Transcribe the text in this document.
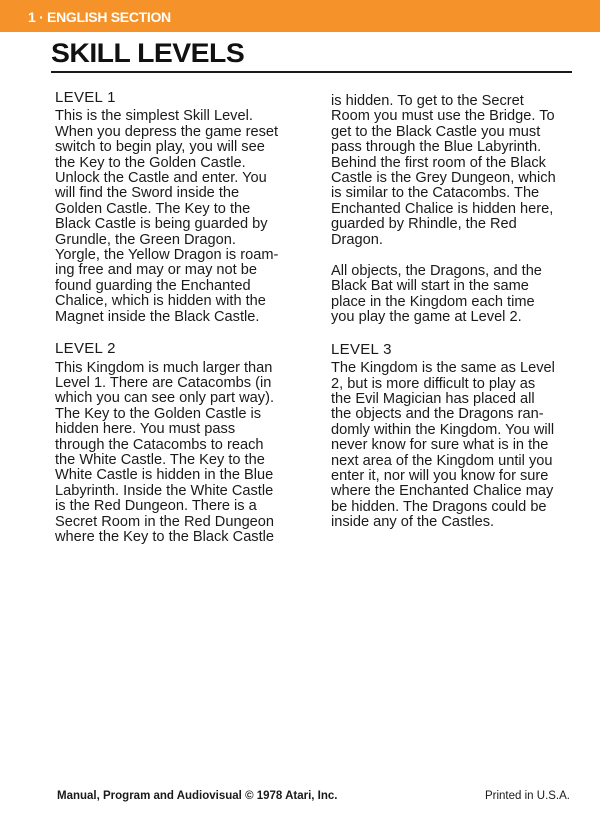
1 · ENGLISH SECTION
SKILL LEVELS
LEVEL 1

This is the simplest Skill Level.
When you depress the game reset
switch to begin play, you will see
the Key to the Golden Castle.
Unlock the Castle and enter. You
will find the Sword inside the
Golden Castle. The Key to the
Black Castle is being guarded by
Grundle, the Green Dragon.
Yorgle, the Yellow Dragon is roam-
ing free and may or may not be
found guarding the Enchanted
Chalice, which is hidden with the
Magnet inside the Black Castle.

LEVEL 2

This Kingdom is much larger than
Level 1. There are Catacombs (in
which you can see only part way).
The Key to the Golden Castle is
hidden here. You must pass
through the Catacombs to reach
the White Castle. The Key to the
White Castle is hidden in the Blue
Labyrinth. Inside the White Castle
is the Red Dungeon. There is a
Secret Room in the Red Dungeon
where the Key to the Black Castle

is hidden. To get to the Secret
Room you must use the Bridge. To
get to the Black Castle you must
pass through the Blue Labyrinth.
Behind the first room of the Black
Castle is the Grey Dungeon, which
is similar to the Catacombs. The
Enchanted Chalice is hidden here,
guarded by Rhindle, the Red
Dragon.

All objects, the Dragons, and the
Black Bat will start in the same
place in the Kingdom each time
you play the game at Level 2.

LEVEL 3

The Kingdom is the same as Level
2, but is more difficult to play as
the Evil Magician has placed all
the objects and the Dragons ran-
domly within the Kingdom. You will
never know for sure what is in the
next area of the Kingdom until you
enter it, nor will you know for sure
where the Enchanted Chalice may
be hidden. The Dragons could be
inside any of the Castles.

Manual, Program and Audiovisual © 1978 Atari, Inc.	Printed in U.S.A.
